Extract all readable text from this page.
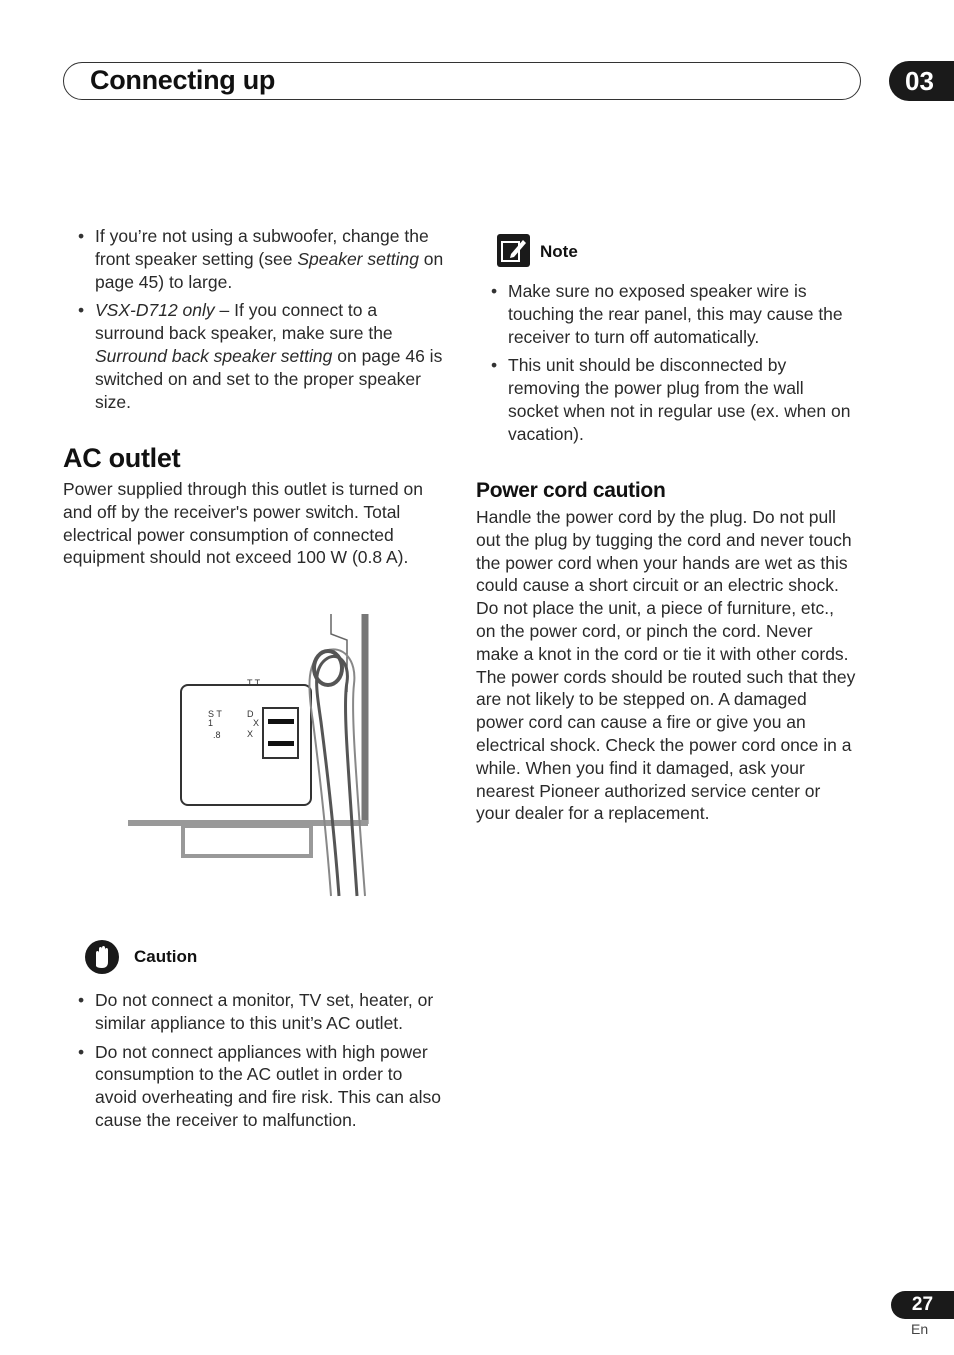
Connecting up	03
• If you’re not using a subwoofer, change the front speaker setting (see Speaker setting on page 45) to large.
• VSX-D712 only – If you connect to a surround back speaker, make sure the Surround back speaker setting on page 46 is switched on and set to the proper speaker size.
AC outlet

Power supplied through this outlet is turned on and off by the receiver's power switch. Total electrical power consumption of connected equipment should not exceed 100 W (0.8 A).

T T
S T
1
.8
D
X
X
Caution
• Do not connect a monitor, TV set, heater, or similar appliance to this unit’s AC outlet.
• Do not connect appliances with high power consumption to the AC outlet in order to avoid overheating and fire risk. This can also cause the receiver to malfunction.
Note
• Make sure no exposed speaker wire is touching the rear panel, this may cause the receiver to turn off automatically.
• This unit should be disconnected by removing the power plug from the wall socket when not in regular use (ex. when on vacation).
Power cord caution

Handle the power cord by the plug. Do not pull out the plug by tugging the cord and never touch the power cord when your hands are wet as this could cause a short circuit or an electric shock. Do not place the unit, a piece of furniture, etc., on the power cord, or pinch the cord. Never make a knot in the cord or tie it with other cords. The power cords should be routed such that they are not likely to be stepped on. A damaged power cord can cause a fire or give you an electrical shock. Check the power cord once in a while. When you find it damaged, ask your nearest Pioneer authorized service center or your dealer for a replacement.

27
En
